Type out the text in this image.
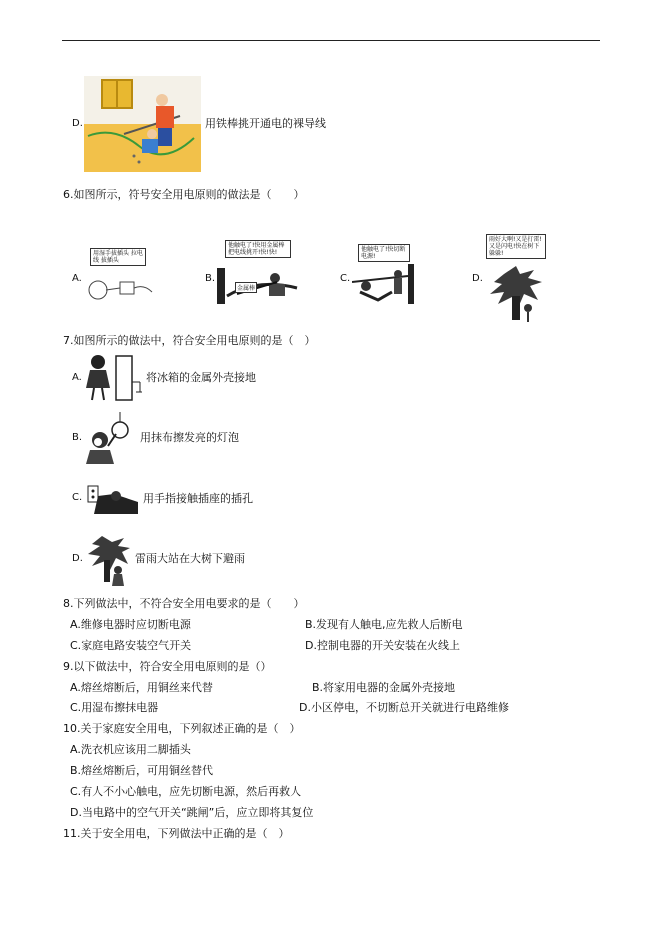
D.	用铁棒挑开通电的裸导线
6.如图所示，符号安全用电原则的做法是（　　）
A.
用湿手拔插头 拉电线 拔插头
B.
他触电了!快用金属棒把电线挑开!快!快!
金属棒
C.
他触电了!快切断电源!
D.
雨好大啊!又是打雷!又是闪电!快在树下躲躲!
7.如图所示的做法中，符合安全用电原则的是（　）
A.	将冰箱的金属外壳接地
B.	用抹布擦发亮的灯泡
C.	用手指接触插座的插孔
D.	雷雨大站在大树下避雨
8.下列做法中，不符合安全用电要求的是（　　）
A.维修电器时应切断电源	B.发现有人触电,应先救人后断电
C.家庭电路安装空气开关	D.控制电器的开关安装在火线上
9.以下做法中，符合安全用电原则的是（）
A.熔丝熔断后，用铜丝来代替	B.将家用电器的金属外壳接地
C.用湿布擦抹电器	D.小区停电，不切断总开关就进行电路维修
10.关于家庭安全用电，下列叙述正确的是（　）
A.洗衣机应该用二脚插头
B.熔丝熔断后，可用铜丝替代
C.有人不小心触电，应先切断电源，然后再救人
D.当电路中的空气开关“跳闸”后，应立即将其复位
11.关于安全用电，下列做法中正确的是（　）
